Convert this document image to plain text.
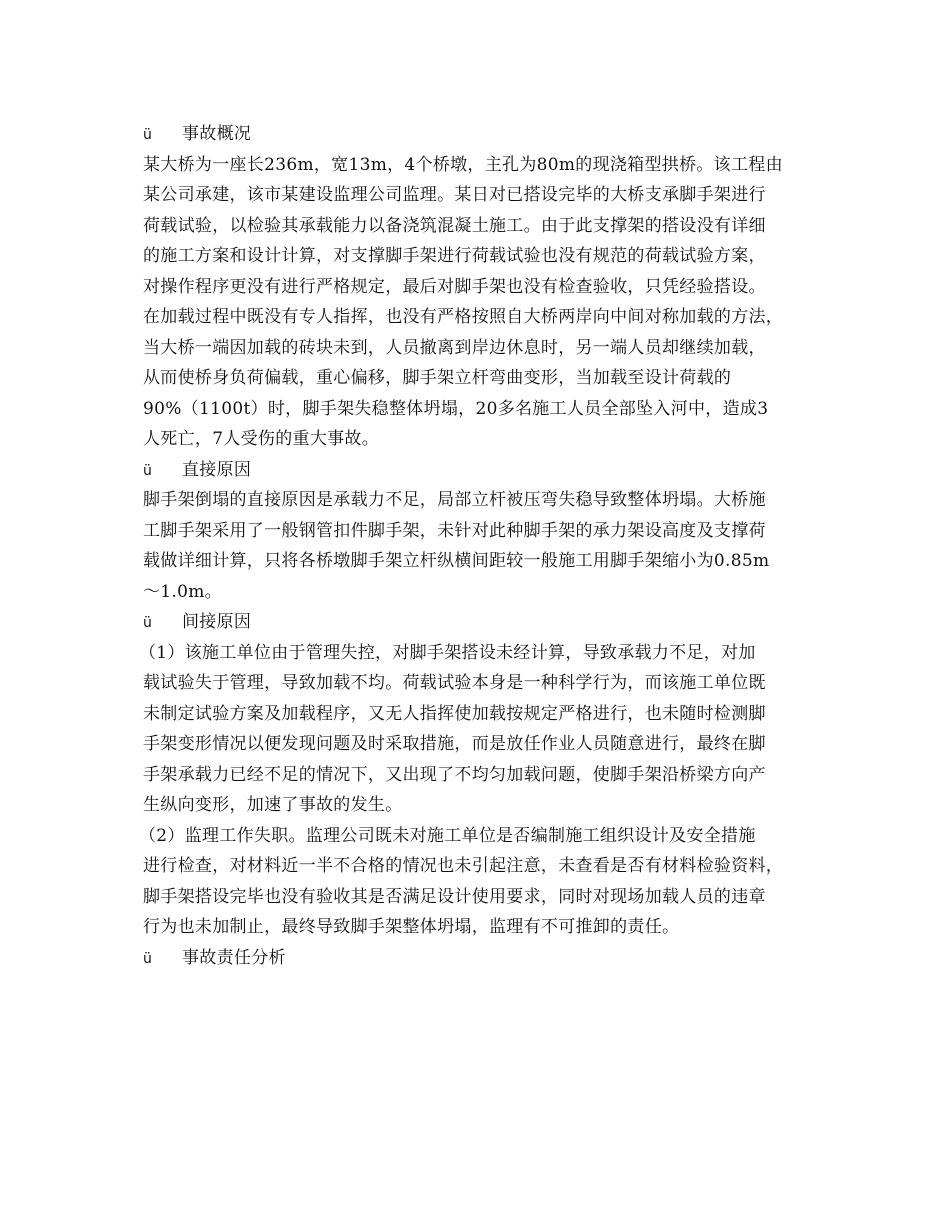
ü 事故概况
某大桥为一座长236m，宽13m，4个桥墩，主孔为80m的现浇箱型拱桥。该工程由
某公司承建，该市某建设监理公司监理。某日对已搭设完毕的大桥支承脚手架进行
荷载试验，以检验其承载能力以备浇筑混凝土施工。由于此支撑架的搭设没有详细
的施工方案和设计计算，对支撑脚手架进行荷载试验也没有规范的荷载试验方案，
对操作程序更没有进行严格规定，最后对脚手架也没有检查验收，只凭经验搭设。
在加载过程中既没有专人指挥，也没有严格按照自大桥两岸向中间对称加载的方法，
当大桥一端因加载的砖块未到，人员撤离到岸边休息时，另一端人员却继续加载，
从而使桥身负荷偏载，重心偏移，脚手架立杆弯曲变形，当加载至设计荷载的
90%（1100t）时，脚手架失稳整体坍塌，20多名施工人员全部坠入河中，造成3
人死亡，7人受伤的重大事故。
ü 直接原因
脚手架倒塌的直接原因是承载力不足，局部立杆被压弯失稳导致整体坍塌。大桥施
工脚手架采用了一般钢管扣件脚手架，未针对此种脚手架的承力架设高度及支撑荷
载做详细计算，只将各桥墩脚手架立杆纵横间距较一般施工用脚手架缩小为0.85m
～1.0m。
ü 间接原因
（1）该施工单位由于管理失控，对脚手架搭设未经计算，导致承载力不足，对加
载试验失于管理，导致加载不均。荷载试验本身是一种科学行为，而该施工单位既
未制定试验方案及加载程序，又无人指挥使加载按规定严格进行，也未随时检测脚
手架变形情况以便发现问题及时采取措施，而是放任作业人员随意进行，最终在脚
手架承载力已经不足的情况下，又出现了不均匀加载问题，使脚手架沿桥梁方向产
生纵向变形，加速了事故的发生。
（2）监理工作失职。监理公司既未对施工单位是否编制施工组织设计及安全措施
进行检查，对材料近一半不合格的情况也未引起注意，未查看是否有材料检验资料，
脚手架搭设完毕也没有验收其是否满足设计使用要求，同时对现场加载人员的违章
行为也未加制止，最终导致脚手架整体坍塌，监理有不可推卸的责任。
ü 事故责任分析
